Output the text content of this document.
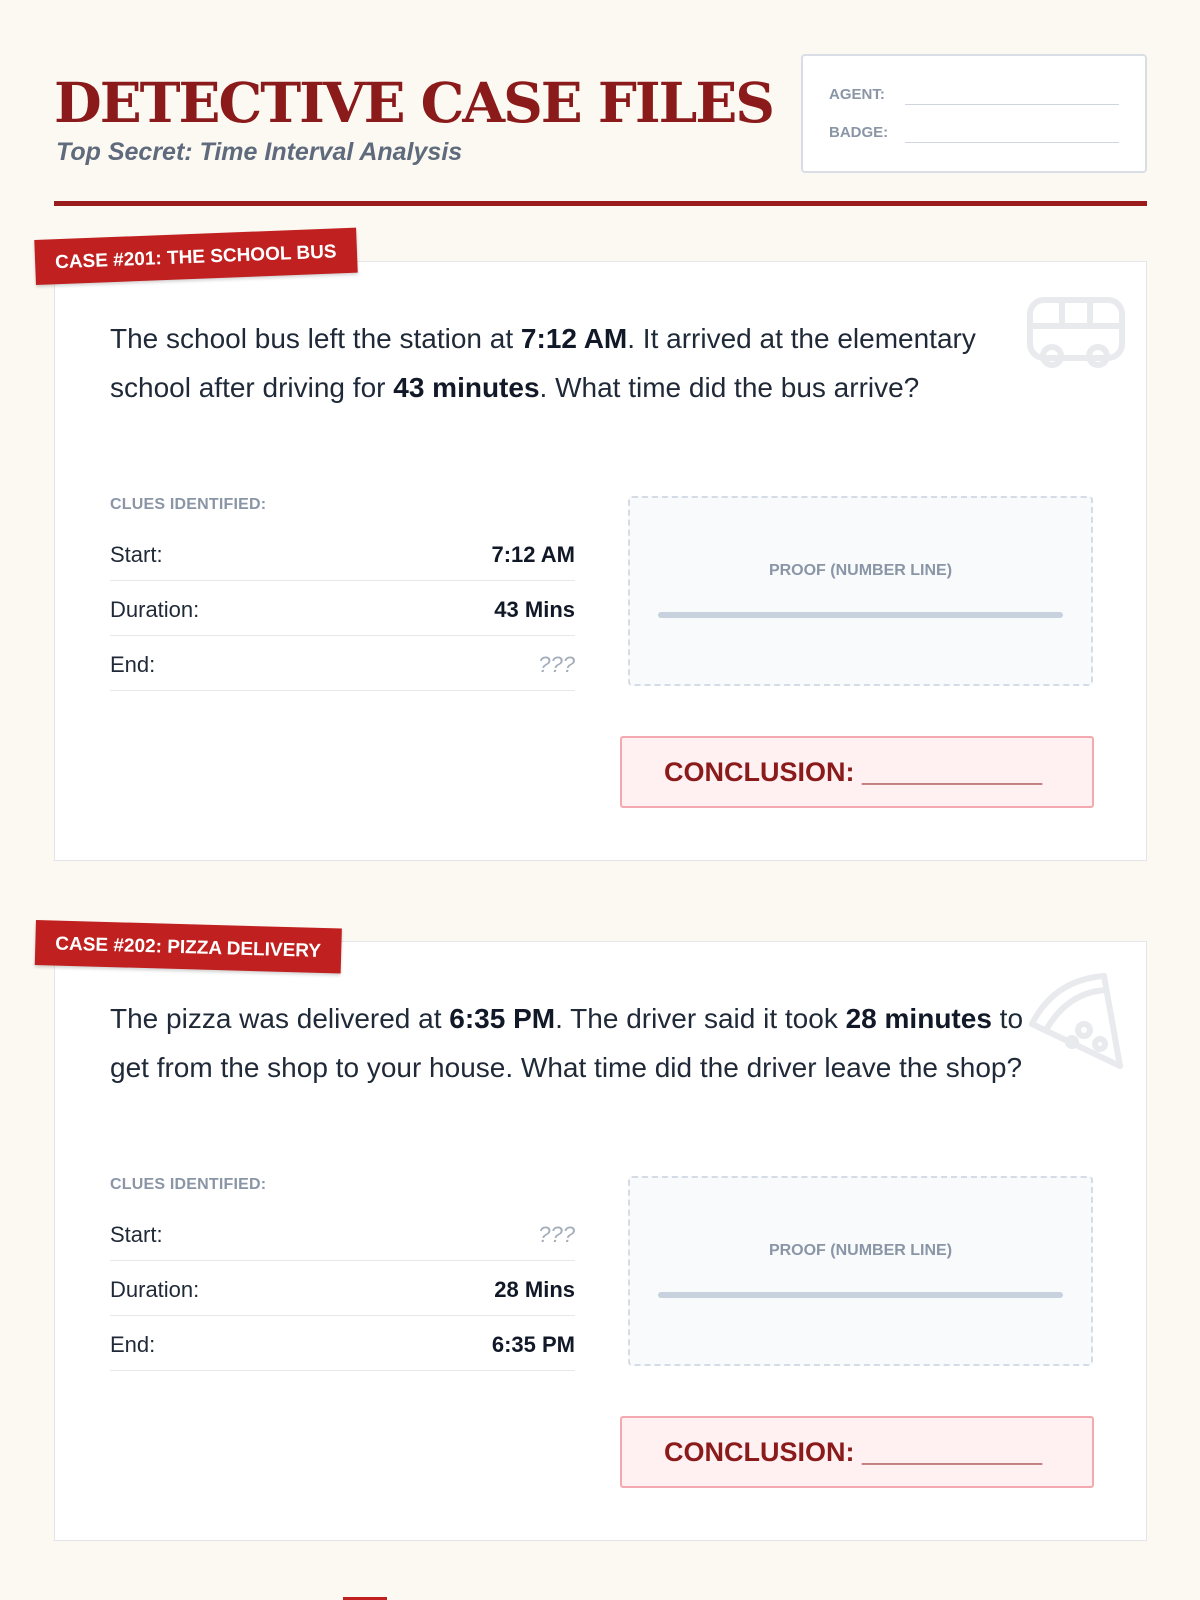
DETECTIVE CASE FILES
Top Secret: Time Interval Analysis
AGENT:
BADGE:
CASE #201: THE SCHOOL BUS
The school bus left the station at 7:12 AM. It arrived at the elementary school after driving for 43 minutes. What time did the bus arrive?
CLUES IDENTIFIED:
Start:	7:12 AM
Duration:	43 Mins
End:	???
PROOF (NUMBER LINE)
CONCLUSION: ____________
CASE #202: PIZZA DELIVERY
The pizza was delivered at 6:35 PM. The driver said it took 28 minutes to get from the shop to your house. What time did the driver leave the shop?
CLUES IDENTIFIED:
Start:	???
Duration:	28 Mins
End:	6:35 PM
PROOF (NUMBER LINE)
CONCLUSION: ____________
